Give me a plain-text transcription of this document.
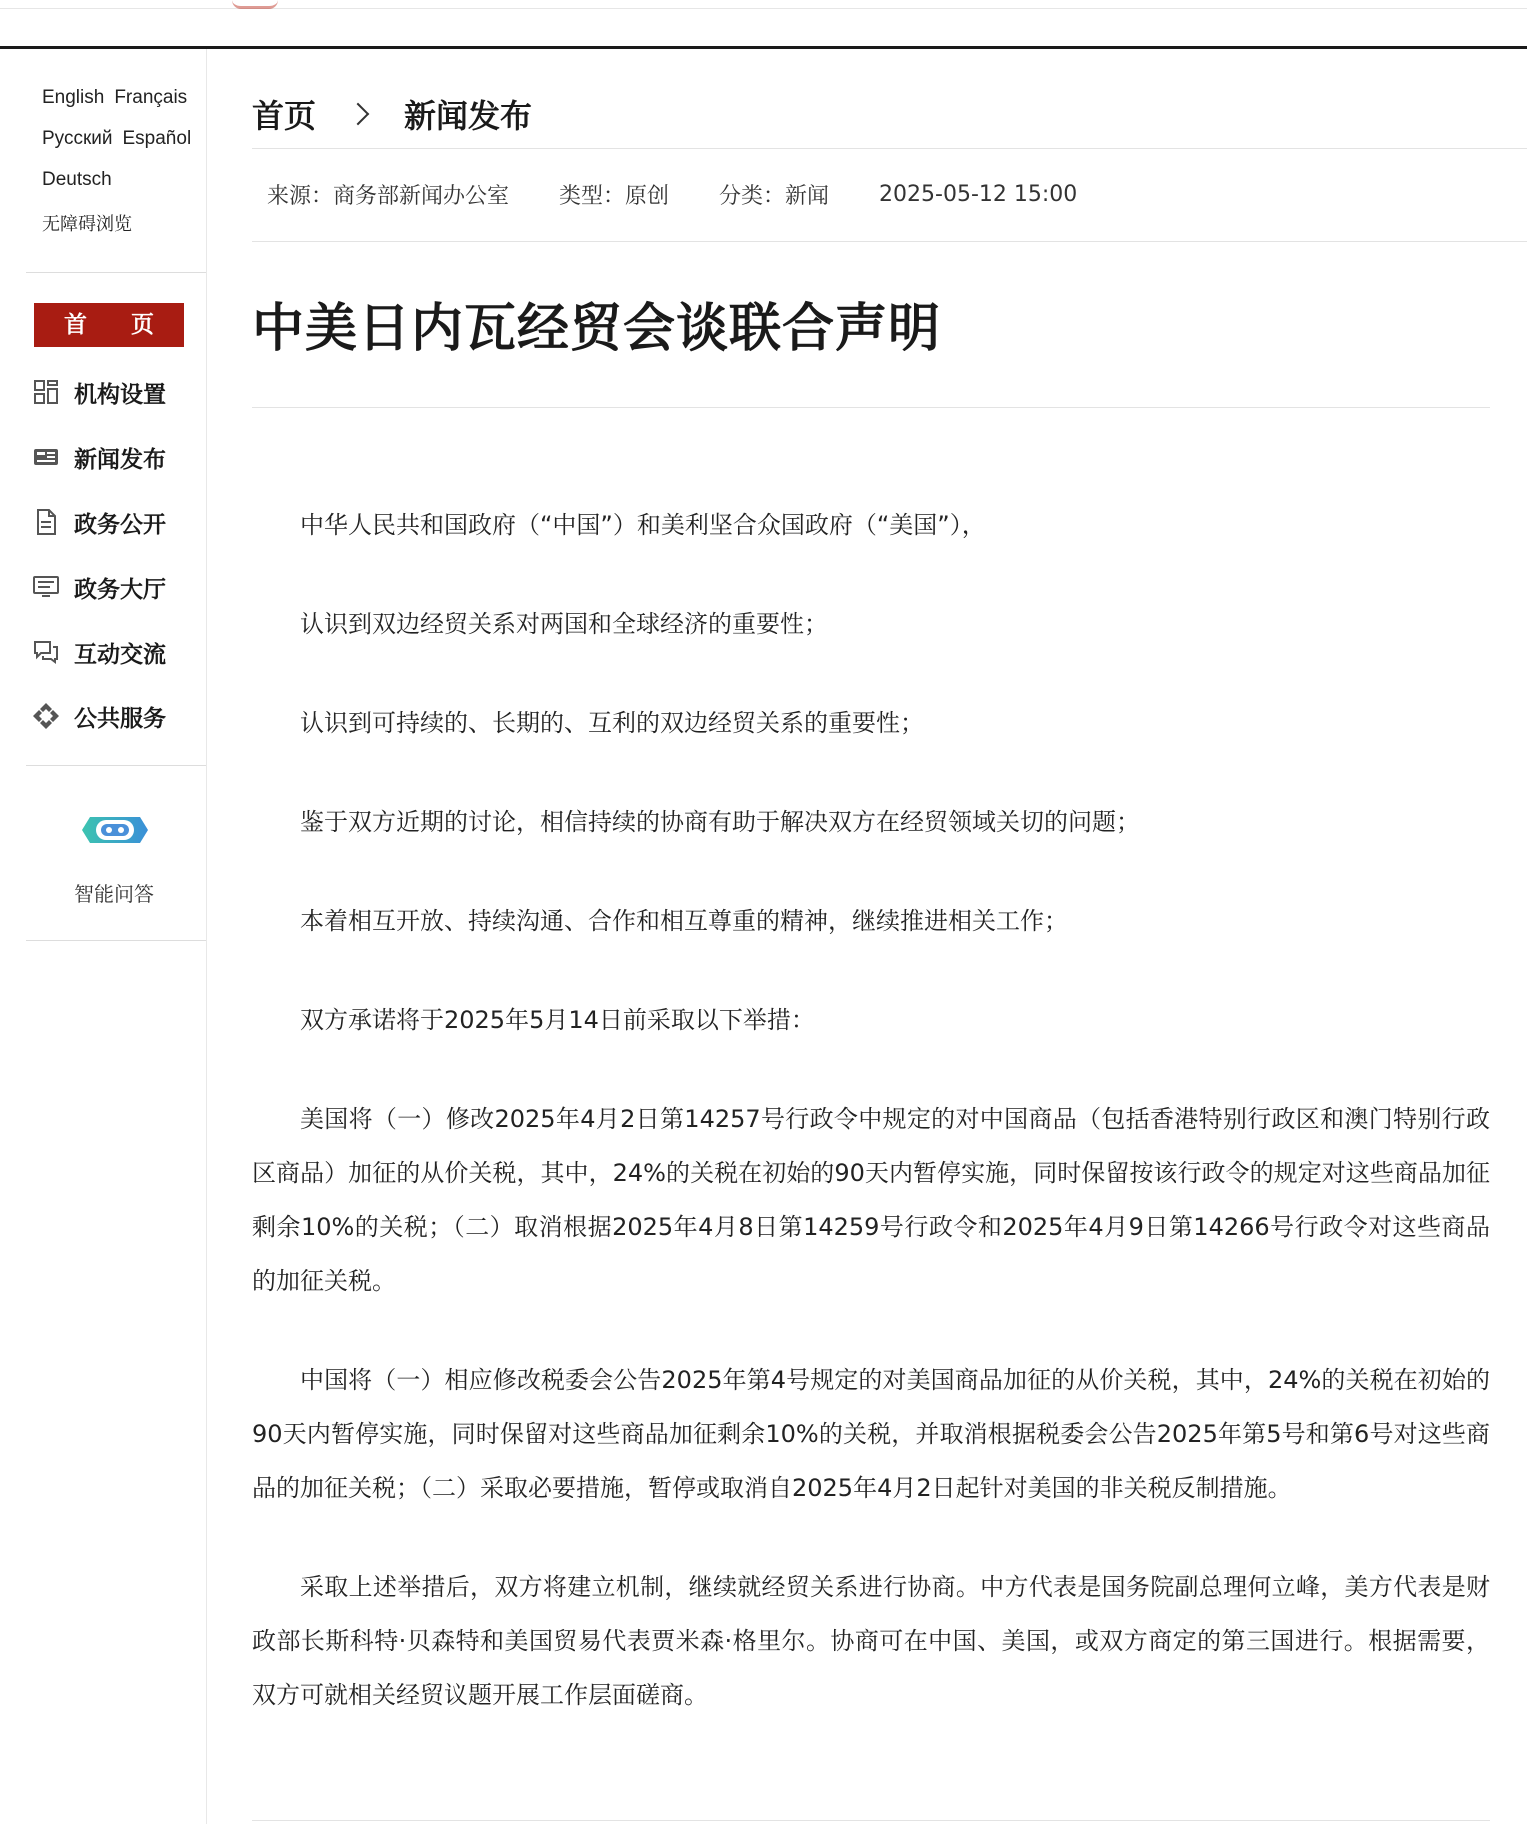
English Français
Русский Español
Deutsch
无障碍浏览
首 页
机构设置
新闻发布
政务公开
政务大厅
互动交流
公共服务
智能问答
首页	新闻发布
来源：商务部新闻办公室 类型：原创 分类：新闻 2025-05-12 15:00
中美日内瓦经贸会谈联合声明

中华人民共和国政府（“中国”）和美利坚合众国政府（“美国”），

认识到双边经贸关系对两国和全球经济的重要性；

认识到可持续的、长期的、互利的双边经贸关系的重要性；

鉴于双方近期的讨论，相信持续的协商有助于解决双方在经贸领域关切的问题；

本着相互开放、持续沟通、合作和相互尊重的精神，继续推进相关工作；

双方承诺将于2025年5月14日前采取以下举措：

美国将（一）修改2025年4月2日第14257号行政令中规定的对中国商品（包括香港特别行政区和澳门特别行政区商品）加征的从价关税，其中，24%的关税在初始的90天内暂停实施，同时保留按该行政令的规定对这些商品加征剩余10%的关税；（二）取消根据2025年4月8日第14259号行政令和2025年4月9日第14266号行政令对这些商品的加征关税。

中国将（一）相应修改税委会公告2025年第4号规定的对美国商品加征的从价关税，其中，24%的关税在初始的90天内暂停实施，同时保留对这些商品加征剩余10%的关税，并取消根据税委会公告2025年第5号和第6号对这些商品的加征关税；（二）采取必要措施，暂停或取消自2025年4月2日起针对美国的非关税反制措施。

采取上述举措后，双方将建立机制，继续就经贸关系进行协商。中方代表是国务院副总理何立峰，美方代表是财政部长斯科特·贝森特和美国贸易代表贾米森·格里尔。协商可在中国、美国，或双方商定的第三国进行。根据需要，双方可就相关经贸议题开展工作层面磋商。
